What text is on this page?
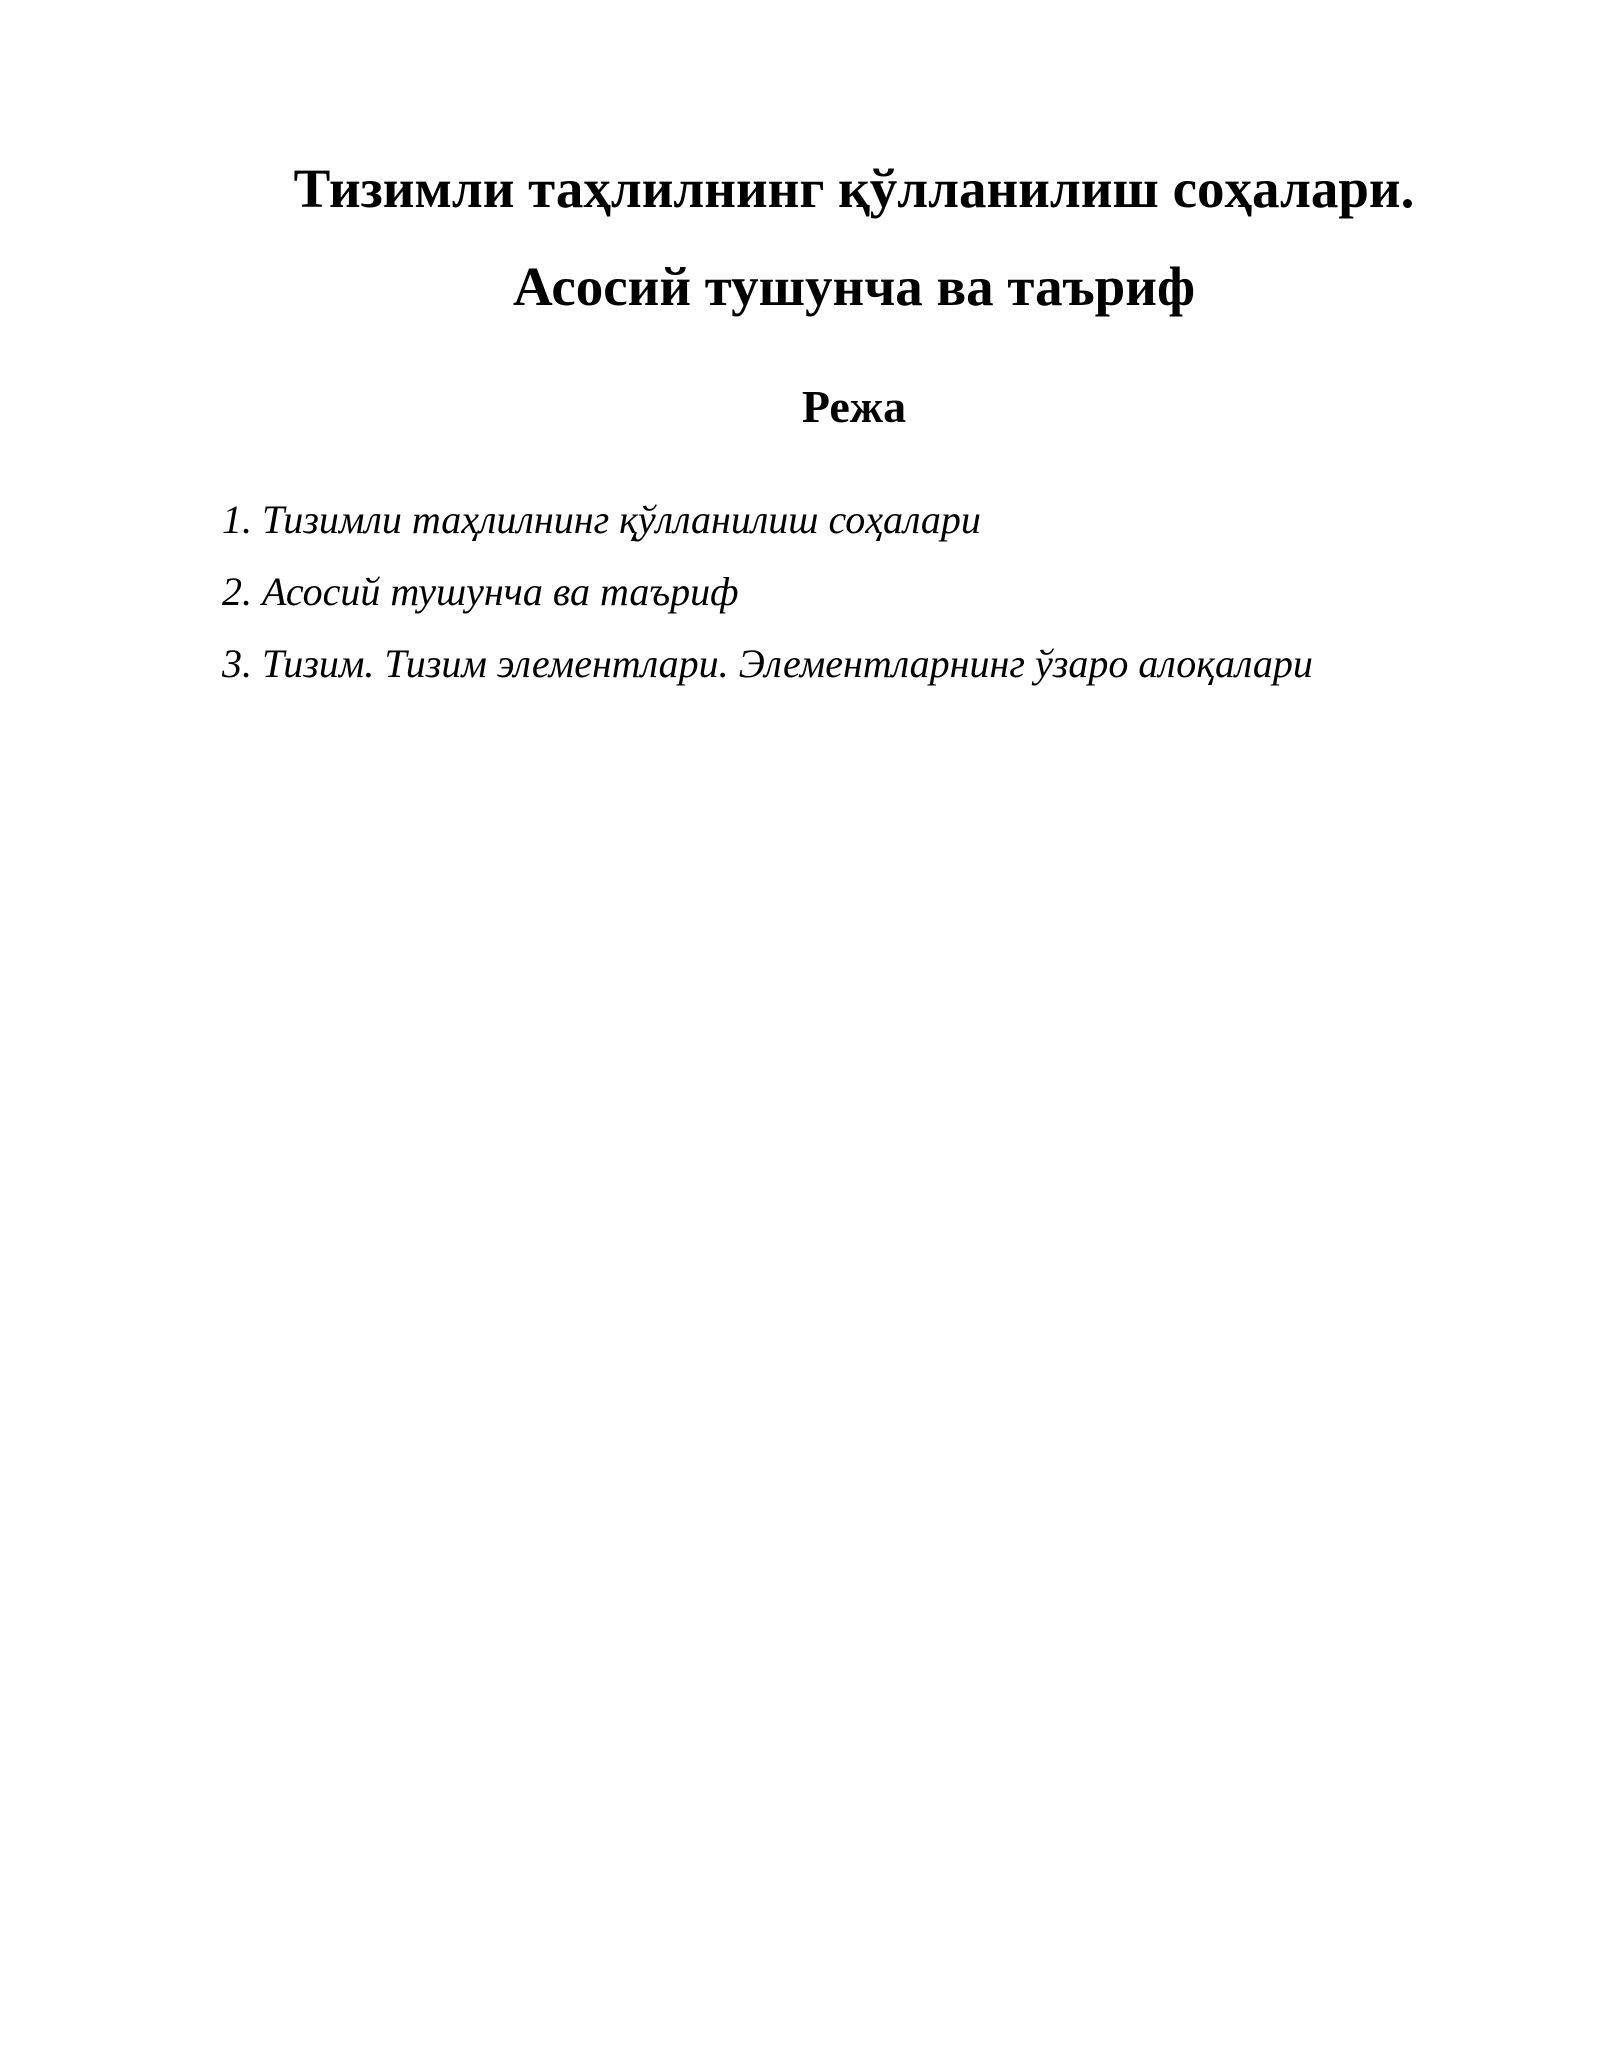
Тизимли таҳлилнинг қўлланилиш соҳалари.

Асосий тушунча ва таъриф

Режа

1. Тизимли таҳлилнинг қўлланилиш соҳалари
2. Асосий тушунча ва таъриф
3. Тизим. Тизим элементлари. Элементларнинг ўзаро алоқалари
